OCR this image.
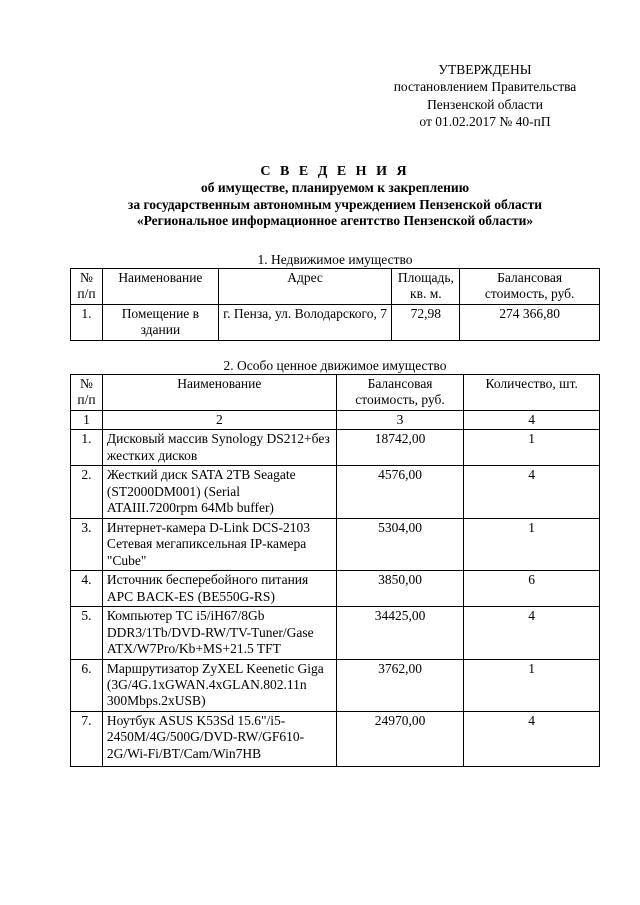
УТВЕРЖДЕНЫ
постановлением Правительства
Пензенской области
от 01.02.2017 № 40-пП
С В Е Д Е Н И Я
об имуществе, планируемом к закреплению
за государственным автономным учреждением Пензенской области
«Региональное информационное агентство Пензенской области»
1. Недвижимое имущество
№ п/п	Наименование	Адрес	Площадь, кв. м.	Балансовая стоимость, руб.
1.	Помещение в здании	г. Пенза, ул. Володарского, 7	72,98	274 366,80
2. Особо ценное движимое имущество
№ п/п	Наименование	Балансовая стоимость, руб.	Количество, шт.
1	2	3	4
1.	Дисковый массив Synology DS212+без жестких дисков	18742,00	1
2.	Жесткий диск SATA 2TB Seagate (ST2000DM001) (Serial ATAIII.7200rpm 64Mb buffer)	4576,00	4
3.	Интернет-камера D-Link DCS-2103 Сетевая мегапиксельная IP-камера "Cube"	5304,00	1
4.	Источник бесперебойного питания APC BACK-ES (BE550G-RS)	3850,00	6
5.	Компьютер TC i5/iH67/8Gb DDR3/1Tb/DVD-RW/TV-Tuner/Gase ATX/W7Pro/Kb+MS+21.5 TFT	34425,00	4
6.	Маршрутизатор ZyXEL Keenetic Giga (3G/4G.1xGWAN.4xGLAN.802.11n 300Mbps.2xUSB)	3762,00	1
7.	Ноутбук ASUS K53Sd 15.6"/i5-2450M/4G/500G/DVD-RW/GF610-2G/Wi-Fi/BT/Cam/Win7HB	24970,00	4
